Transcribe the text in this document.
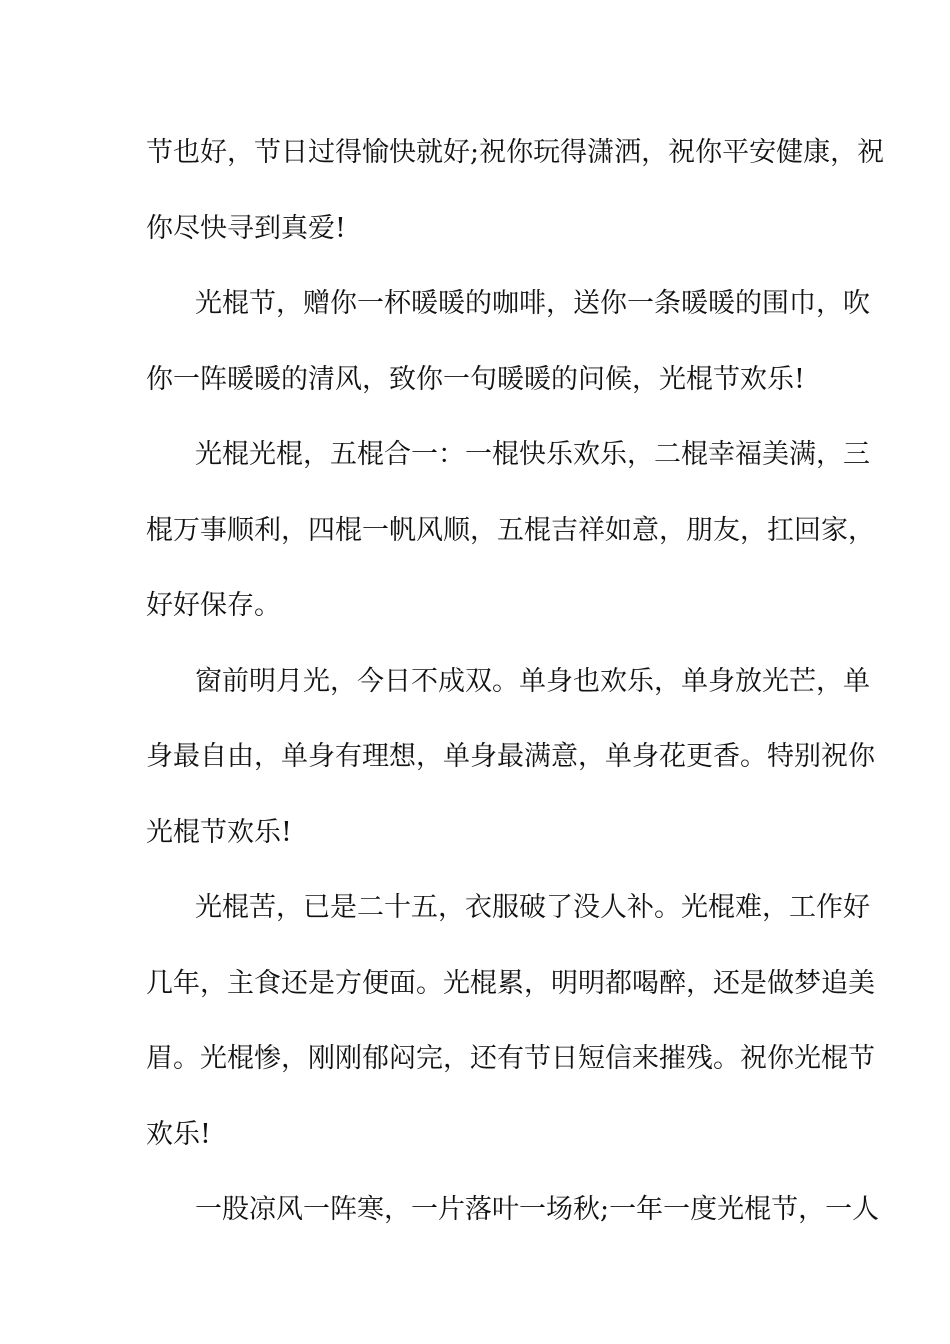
节也好，节日过得愉快就好;祝你玩得潇洒，祝你平安健康，祝
你尽快寻到真爱!
光棍节，赠你一杯暖暖的咖啡，送你一条暖暖的围巾，吹
你一阵暖暖的清风，致你一句暖暖的问候，光棍节欢乐!
光棍光棍，五棍合一：一棍快乐欢乐，二棍幸福美满，三
棍万事顺利，四棍一帆风顺，五棍吉祥如意，朋友，扛回家，
好好保存。
窗前明月光，今日不成双。单身也欢乐，单身放光芒，单
身最自由，单身有理想，单身最满意，单身花更香。特别祝你
光棍节欢乐!
光棍苦，已是二十五，衣服破了没人补。光棍难，工作好
几年，主食还是方便面。光棍累，明明都喝醉，还是做梦追美
眉。光棍惨，刚刚郁闷完，还有节日短信来摧残。祝你光棍节
欢乐!
一股凉风一阵寒，一片落叶一场秋;一年一度光棍节，一人
